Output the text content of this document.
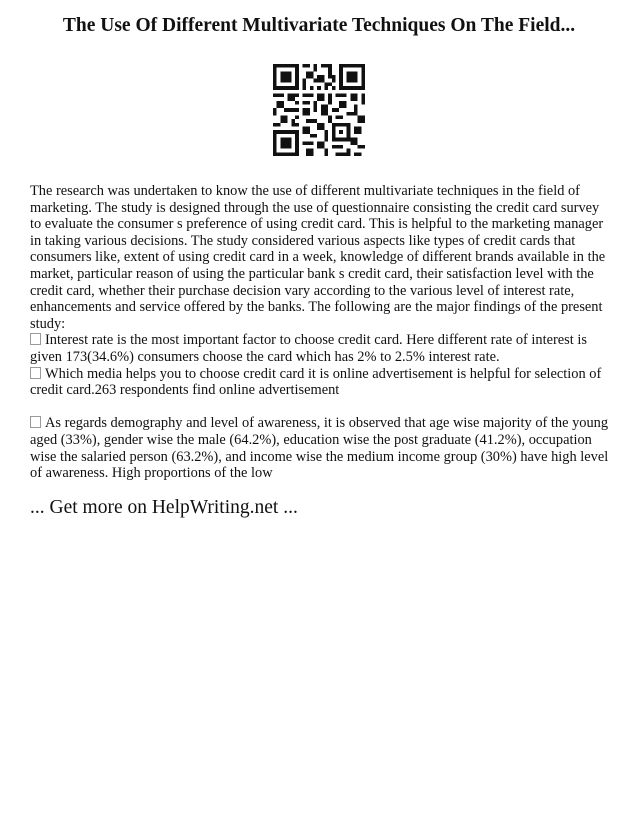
The Use Of Different Multivariate Techniques On The Field...

The research was undertaken to know the use of different multivariate techniques in the field of marketing. The study is designed through the use of questionnaire consisting the credit card survey to evaluate the consumer s preference of using credit card. This is helpful to the marketing manager in taking various decisions. The study considered various aspects like types of credit cards that consumers like, extent of using credit card in a week, knowledge of different brands available in the market, particular reason of using the particular bank s credit card, their satisfaction level with the credit card, whether their purchase decision vary according to the various level of interest rate, enhancements and service offered by the banks. The following are the major findings of the present study:

Interest rate is the most important factor to choose credit card. Here different rate of interest is given 173(34.6%) consumers choose the card which has 2% to 2.5% interest rate.

Which media helps you to choose credit card it is online advertisement is helpful for selection of credit card.263 respondents find online advertisement

As regards demography and level of awareness, it is observed that age wise majority of the young aged (33%), gender wise the male (64.2%), education wise the post graduate (41.2%), occupation wise the salaried person (63.2%), and income wise the medium income group (30%) have high level of awareness. High proportions of the low

... Get more on HelpWriting.net ...
